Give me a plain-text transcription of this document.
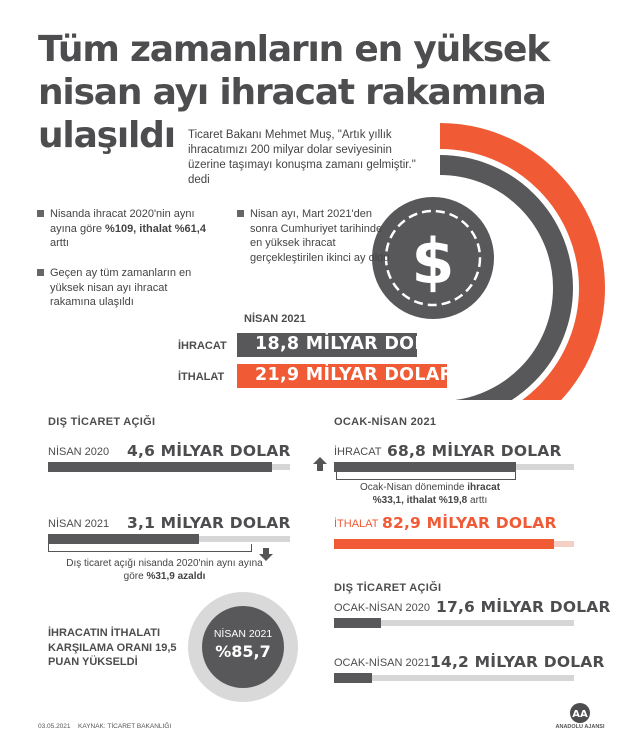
Tüm zamanların en yüksek nisan ayı ihracat rakamına ulaşıldı
$
Ticaret Bakanı Mehmet Muş, "Artık yıllık ihracatımızı 200 milyar dolar seviyesinin üzerine taşımayı konuşma zamanı gelmiştir." dedi
Nisanda ihracat 2020'nin aynı ayına göre %109, ithalat %61,4 arttı
Geçen ay tüm zamanların en yüksek nisan ayı ihracat rakamına ulaşıldı
Nisan ayı, Mart 2021'den sonra Cumhuriyet tarihinde en yüksek ihracat gerçekleştirilen ikinci ay oldu
NİSAN 2021
İHRACAT 18,8 MİLYAR DOLAR
İTHALAT 21,9 MİLYAR DOLAR
DIŞ TİCARET AÇIĞI
NİSAN 2020 4,6 MİLYAR DOLAR
NİSAN 2021 3,1 MİLYAR DOLAR
Dış ticaret açığı nisanda 2020'nin aynı ayına göre %31,9 azaldı
İHRACATIN İTHALATI KARŞILAMA ORANI 19,5 PUAN YÜKSELDİ
NİSAN 2021
%85,7
OCAK-NİSAN 2021
İHRACAT 68,8 MİLYAR DOLAR
Ocak-Nisan döneminde ihracat %33,1, ithalat %19,8 arttı
İTHALAT 82,9 MİLYAR DOLAR
DIŞ TİCARET AÇIĞI
OCAK-NİSAN 2020 17,6 MİLYAR DOLAR
OCAK-NİSAN 2021 14,2 MİLYAR DOLAR
03.05.2021 KAYNAK: TİCARET BAKANLIĞI
AA
ANADOLU AJANSI
